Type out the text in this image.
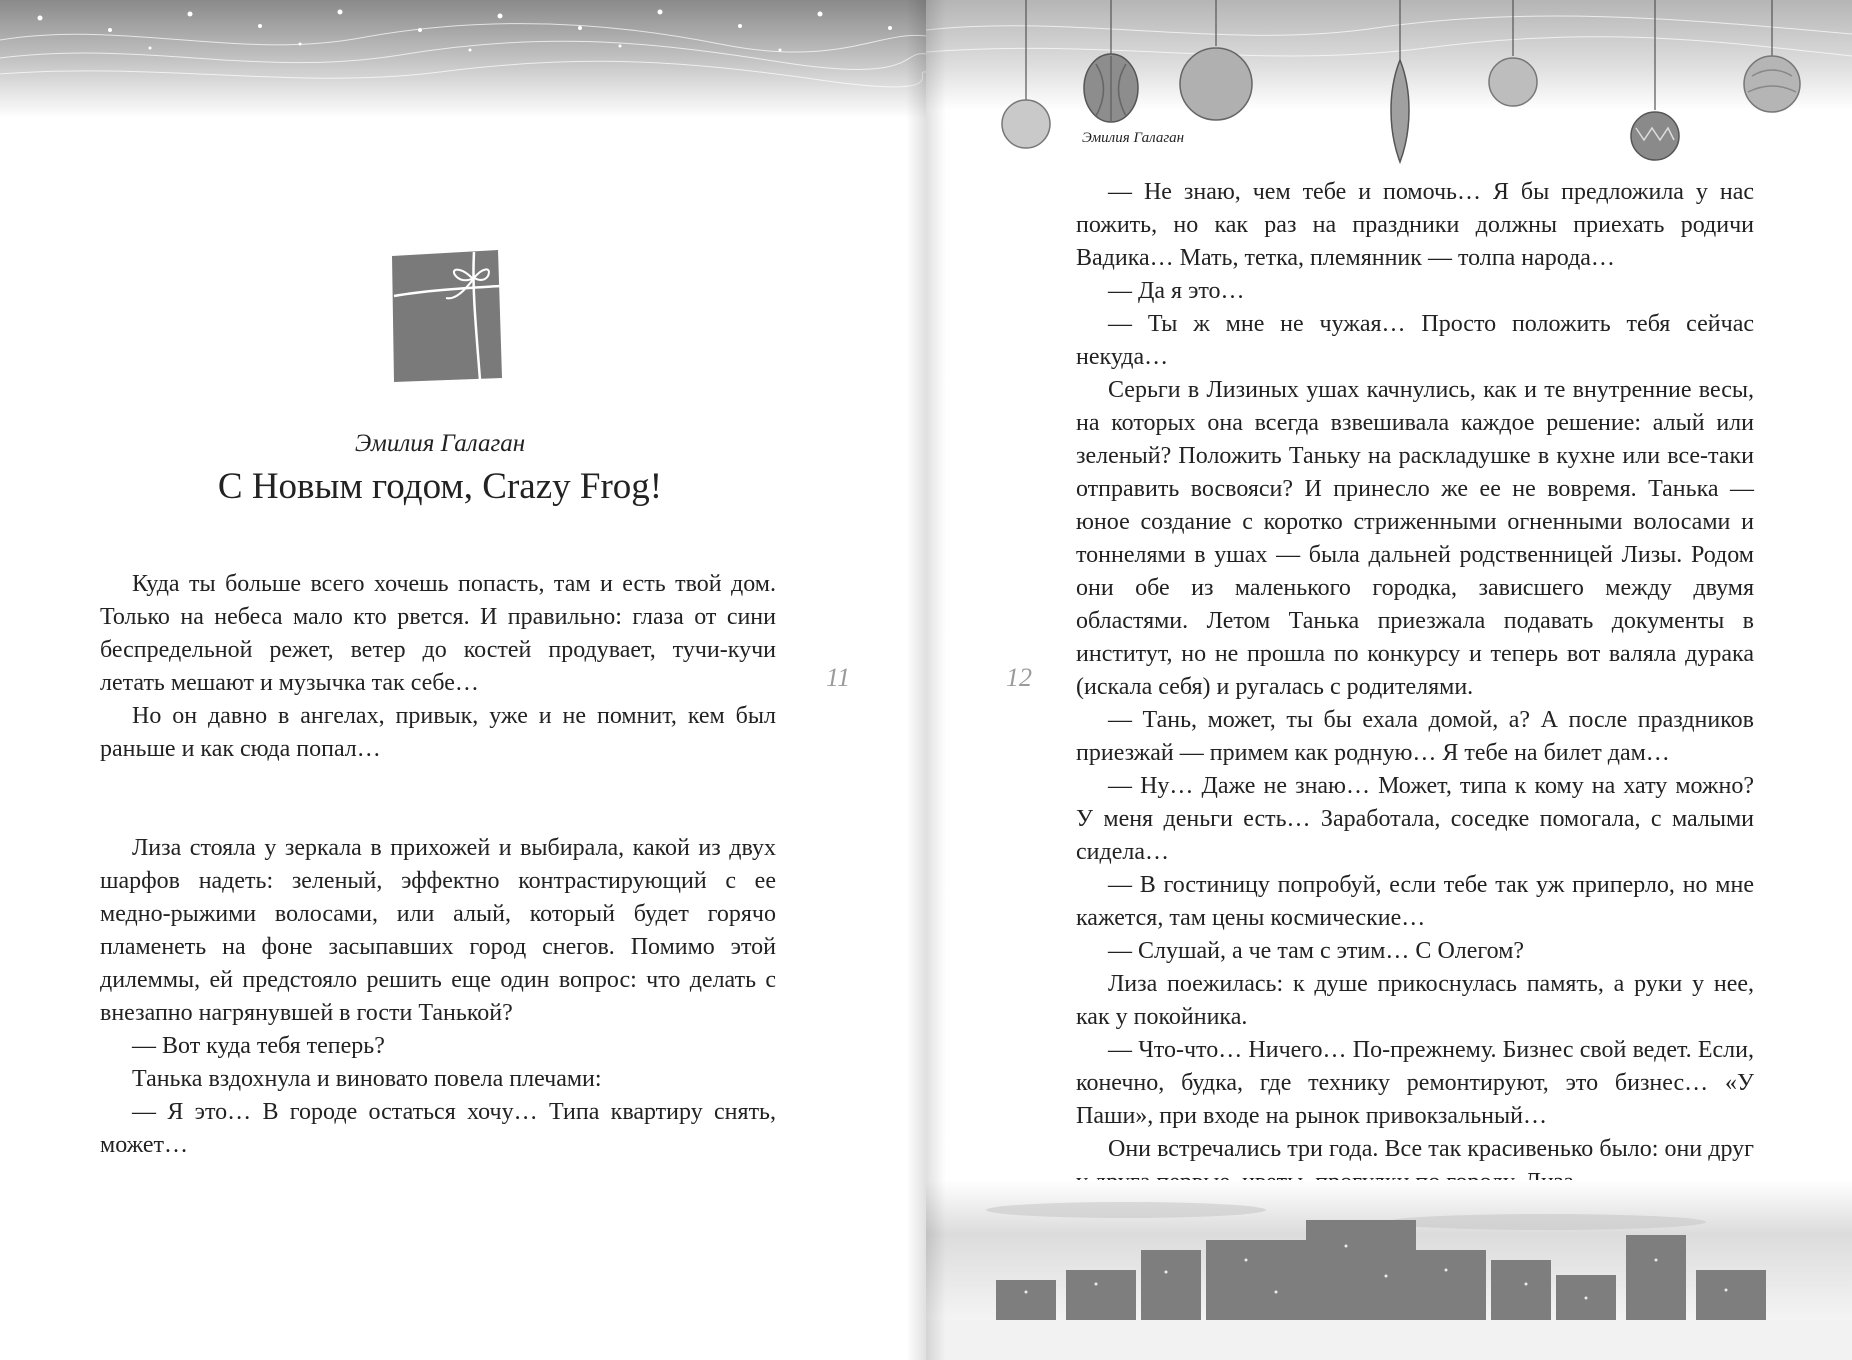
Эмилия Галаган
С Новым годом, Crazy Frog!

Куда ты больше всего хочешь попасть, там и есть твой дом. Только на небеса мало кто рвется. И правильно: глаза от сини беспредельной режет, ветер до костей продувает, тучи-кучи летать мешают и музычка так себе…

Но он давно в ангелах, привык, уже и не помнит, кем был раньше и как сюда попал…

Лиза стояла у зеркала в прихожей и выбирала, какой из двух шарфов надеть: зеленый, эффектно контрастирующий с ее медно-рыжими волосами, или алый, который будет горячо пламенеть на фоне засыпавших город снегов. Помимо этой дилеммы, ей предстояло решить еще один вопрос: что делать с внезапно нагрянувшей в гости Танькой?

— Вот куда тебя теперь?

Танька вздохнула и виновато повела плечами:

— Я это… В городе остаться хочу… Типа квартиру снять, может…

11
Эмилия Галаган

— Не знаю, чем тебе и помочь… Я бы предложила у нас пожить, но как раз на праздники должны приехать родичи Вадика… Мать, тетка, племянник — толпа народа…

— Да я это…

— Ты ж мне не чужая… Просто положить тебя сейчас некуда…

Серьги в Лизиных ушах качнулись, как и те внутренние весы, на которых она всегда взвешивала каждое решение: алый или зеленый? Положить Таньку на раскладушке в кухне или все-таки отправить восвояси? И принесло же ее не вовремя. Танька — юное создание с коротко стриженными огненными волосами и тоннелями в ушах — была дальней родственницей Лизы. Родом они обе из маленького городка, зависшего между двумя областями. Летом Танька приезжала подавать документы в институт, но не прошла по конкурсу и теперь вот валяла дурака (искала себя) и ругалась с родителями.

— Тань, может, ты бы ехала домой, а? А после праздников приезжай — примем как родную… Я тебе на билет дам…

— Ну… Даже не знаю… Может, типа к кому на хату можно? У меня деньги есть… Заработала, соседке помогала, с малыми сидела…

— В гостиницу попробуй, если тебе так уж приперло, но мне кажется, там цены космические…

— Слушай, а че там с этим… С Олегом?

Лиза поежилась: к душе прикоснулась память, а руки у нее, как у покойника.

— Что-что… Ничего… По-прежнему. Бизнес свой ведет. Если, конечно, будка, где технику ремонтируют, это бизнес… «У Паши», при входе на рынок привокзальный…

Они встречались три года. Все так красивенько было: они друг

12
